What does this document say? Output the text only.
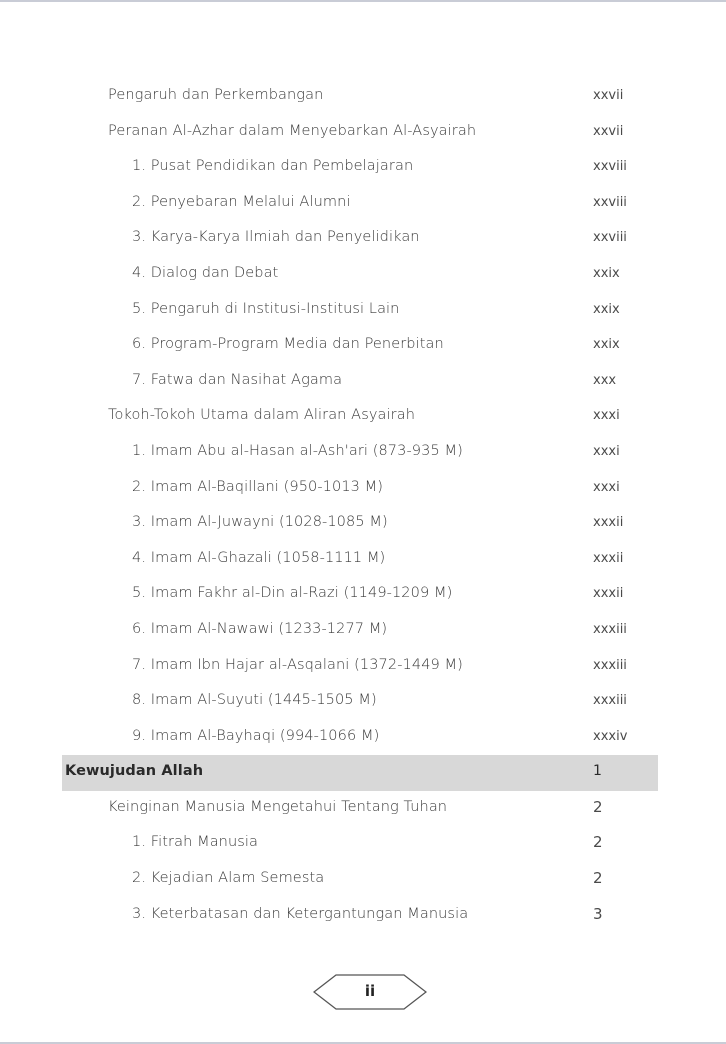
Pengaruh dan Perkembangan	xxvii
Peranan Al-Azhar dalam Menyebarkan Al-Asyairah	xxvii
1. Pusat Pendidikan dan Pembelajaran	xxviii
2. Penyebaran Melalui Alumni	xxviii
3. Karya-Karya Ilmiah dan Penyelidikan	xxviii
4. Dialog dan Debat	xxix
5. Pengaruh di Institusi-Institusi Lain	xxix
6. Program-Program Media dan Penerbitan	xxix
7. Fatwa dan Nasihat Agama	xxx
Tokoh-Tokoh Utama dalam Aliran Asyairah	xxxi
1. Imam Abu al-Hasan al-Ash'ari (873-935 M)	xxxi
2. Imam Al-Baqillani (950-1013 M)	xxxi
3. Imam Al-Juwayni (1028-1085 M)	xxxii
4. Imam Al-Ghazali (1058-1111 M)	xxxii
5. Imam Fakhr al-Din al-Razi (1149-1209 M)	xxxii
6. Imam Al-Nawawi (1233-1277 M)	xxxiii
7. Imam Ibn Hajar al-Asqalani (1372-1449 M)	xxxiii
8. Imam Al-Suyuti (1445-1505 M)	xxxiii
9. Imam Al-Bayhaqi (994-1066 M)	xxxiv
Kewujudan Allah	1
Keinginan Manusia Mengetahui Tentang Tuhan	2
1. Fitrah Manusia	2
2. Kejadian Alam Semesta	2
3. Keterbatasan dan Ketergantungan Manusia	3
ii
